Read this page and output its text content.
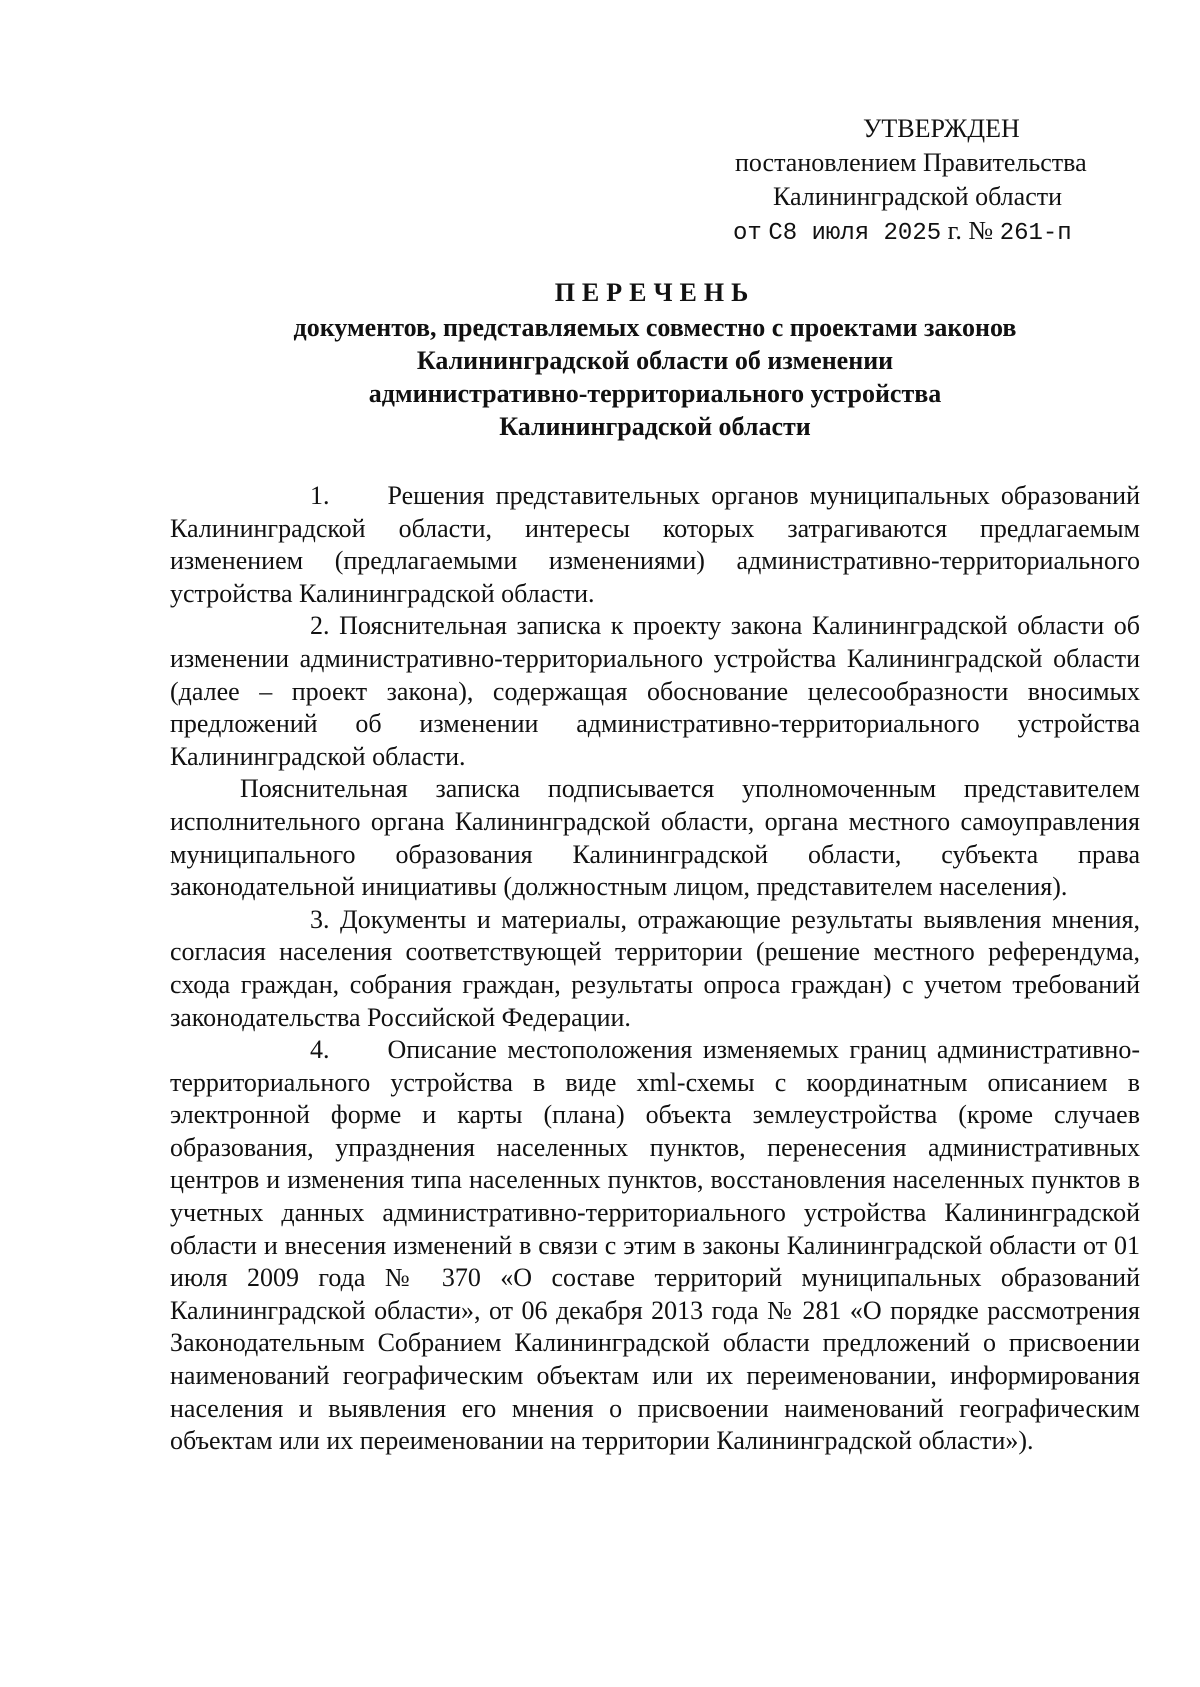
УТВЕРЖДЕН
постановлением Правительства
Калининградской области
от С8 июля 2025 г. № 261-п
ПЕРЕЧЕНЬ
документов, представляемых совместно с проектами законов
Калининградской области об изменении
административно-территориального устройства
Калининградской области

1. Решения представительных органов муниципальных образований Калининградской области, интересы которых затрагиваются предлагаемым изменением (предлагаемыми изменениями) административно-территориального устройства Калининградской области.

2. Пояснительная записка к проекту закона Калининградской области об изменении административно-территориального устройства Калининградской области (далее – проект закона), содержащая обоснование целесообразности вносимых предложений об изменении административно-территориального устройства Калининградской области.

Пояснительная записка подписывается уполномоченным представителем исполнительного органа Калининградской области, органа местного самоуправления муниципального образования Калининградской области, субъекта права законодательной инициативы (должностным лицом, представителем населения).

3. Документы и материалы, отражающие результаты выявления мнения, согласия населения соответствующей территории (решение местного референдума, схода граждан, собрания граждан, результаты опроса граждан) с учетом требований законодательства Российской Федерации.

4. Описание местоположения изменяемых границ административно-территориального устройства в виде xml-схемы с координатным описанием в электронной форме и карты (плана) объекта землеустройства (кроме случаев образования, упразднения населенных пунктов, перенесения административных центров и изменения типа населенных пунктов, восстановления населенных пунктов в учетных данных административно-территориального устройства Калининградской области и внесения изменений в связи с этим в законы Калининградской области от 01 июля 2009 года № 370 «О составе территорий муниципальных образований Калининградской области», от 06 декабря 2013 года № 281 «О порядке рассмотрения Законодательным Собранием Калининградской области предложений о присвоении наименований географическим объектам или их переименовании, информирования населения и выявления его мнения о присвоении наименований географическим объектам или их переименовании на территории Калининградской области»).
